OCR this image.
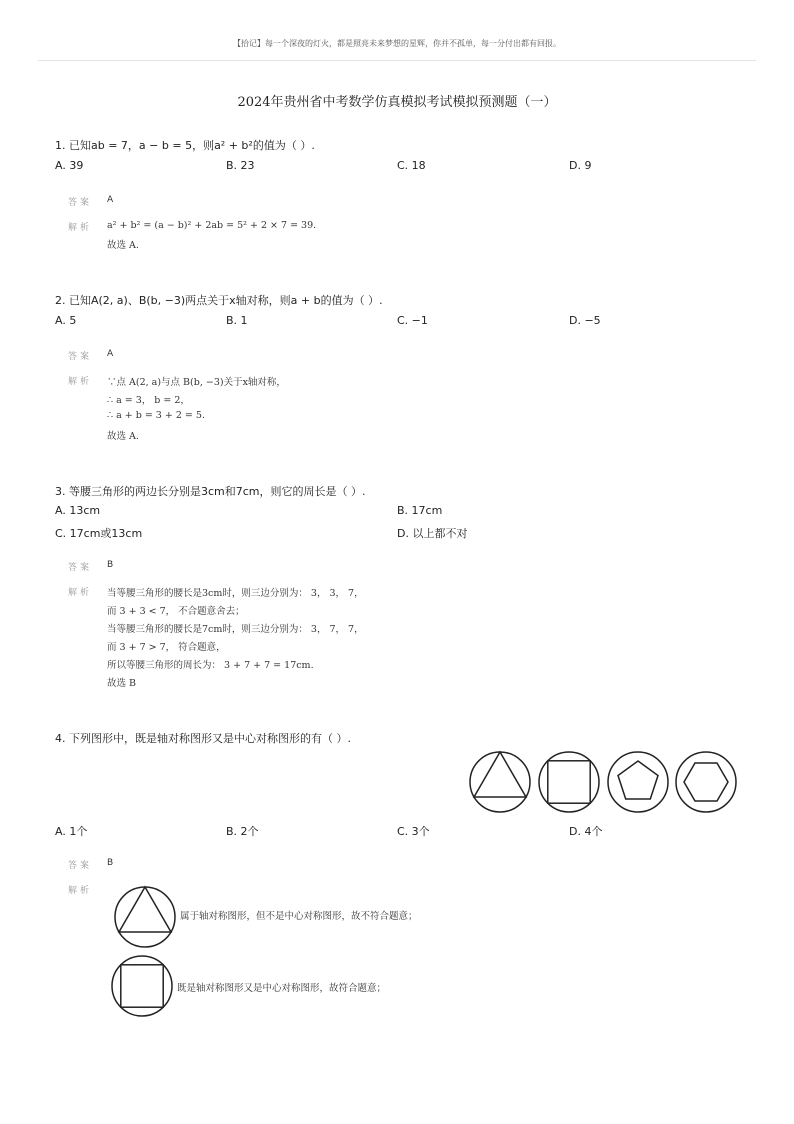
【拾记】每一个深夜的灯火，都是照亮未来梦想的星辉，你并不孤单，每一分付出都有回报。
2024年贵州省中考数学仿真模拟考试模拟预测题（一）
1. 已知ab = 7，a − b = 5，则a² + b²的值为（ ）.
A. 39	B. 23	C. 18	D. 9
答案 A
解析 a² + b² = (a − b)² + 2ab = 5² + 2 × 7 = 39.
故选 A.
2. 已知A(2, a)、B(b, −3)两点关于x轴对称，则a + b的值为（ ）.
A. 5	B. 1	C. −1	D. −5
答案 A
解析 ∵点 A(2, a)与点 B(b, −3)关于x轴对称，
∴ a = 3， b = 2，
∴ a + b = 3 + 2 = 5.
故选 A.
3. 等腰三角形的两边长分别是3cm和7cm，则它的周长是（ ）.
A. 13cm	B. 17cm
C. 17cm或13cm	D. 以上都不对
答案 B
解析 当等腰三角形的腰长是3cm时，则三边分别为： 3， 3， 7，
而 3 + 3 < 7， 不合题意舍去；
当等腰三角形的腰长是7cm时，则三边分别为： 3， 7， 7，
而 3 + 7 > 7， 符合题意，
所以等腰三角形的周长为： 3 + 7 + 7 = 17cm.
故选 B
4. 下列图形中，既是轴对称图形又是中心对称图形的有（ ）.
A. 1个	B. 2个	C. 3个	D. 4个
答案 B
解析
属于轴对称图形，但不是中心对称图形，故不符合题意；
既是轴对称图形又是中心对称图形，故符合题意；
